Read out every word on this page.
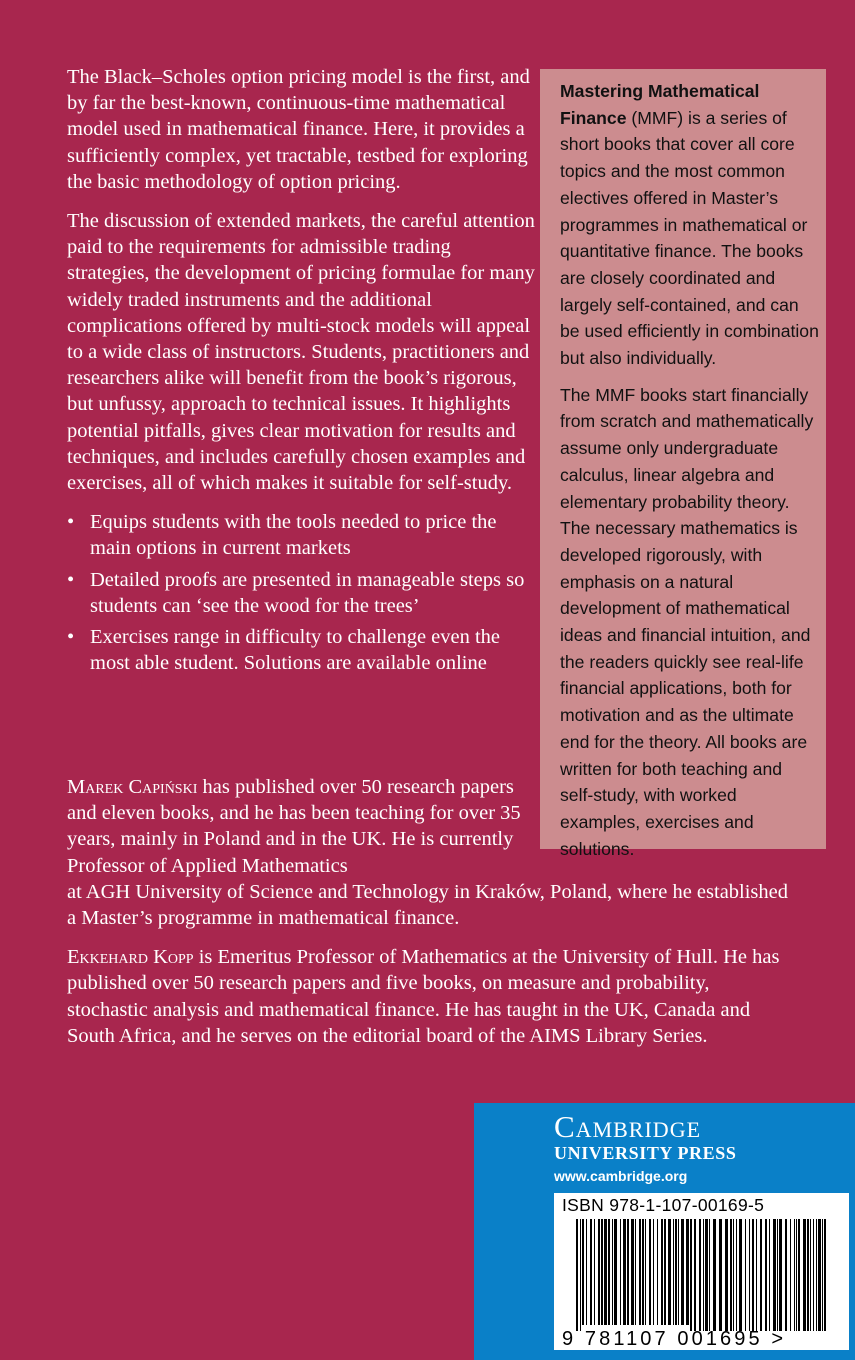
The Black–Scholes option pricing model is the first, and by far the best-known, continuous-time mathematical model used in mathematical finance. Here, it provides a sufficiently complex, yet tractable, testbed for exploring the basic methodology of option pricing.

The discussion of extended markets, the careful attention paid to the requirements for admissible trading strategies, the development of pricing formulae for many widely traded instruments and the additional complications offered by multi-stock models will appeal to a wide class of instructors. Students, practitioners and researchers alike will benefit from the book’s rigorous, but unfussy, approach to technical issues. It highlights potential pitfalls, gives clear motivation for results and techniques, and includes carefully chosen examples and exercises, all of which makes it suitable for self-study.

• Equips students with the tools needed to price the main options in current markets
• Detailed proofs are presented in manageable steps so students can ‘see the wood for the trees’
• Exercises range in difficulty to challenge even the most able student. Solutions are available online

Marek Capiński has published over 50 research papers and eleven books, and he has been teaching for over 35 years, mainly in Poland and in the UK. He is currently Professor of Applied Mathematics
at AGH University of Science and Technology in Kraków, Poland, where he established a Master’s programme in mathematical finance.

Ekkehard Kopp is Emeritus Professor of Mathematics at the University of Hull. He has published over 50 research papers and five books, on measure and probability, stochastic analysis and mathematical finance. He has taught in the UK, Canada and South Africa, and he serves on the editorial board of the AIMS Library Series.

Mastering Mathematical Finance (MMF) is a series of short books that cover all core topics and the most common electives offered in Master’s programmes in mathematical or quantitative finance. The books are closely coordinated and largely self-contained, and can be used efficiently in combination but also individually.

The MMF books start financially from scratch and mathematically assume only undergraduate calculus, linear algebra and elementary probability theory. The necessary mathematics is developed rigorously, with emphasis on a natural development of mathematical ideas and financial intuition, and the readers quickly see real-life financial applications, both for motivation and as the ultimate end for the theory. All books are written for both teaching and self-study, with worked examples, exercises and solutions.

Cambridge
UNIVERSITY PRESS
www.cambridge.org
ISBN 978-1-107-00169-5
9 781107 001695 >
